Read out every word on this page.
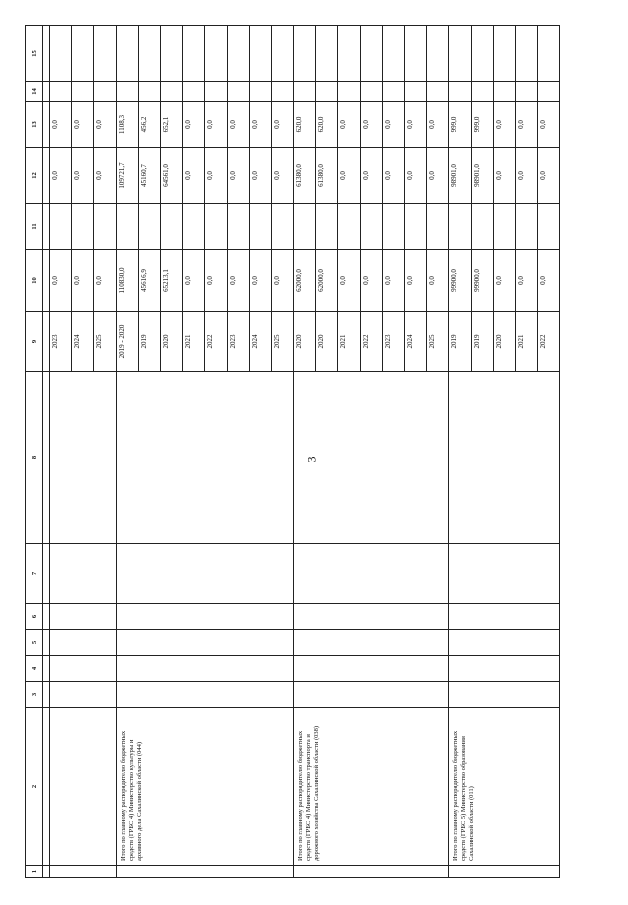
3
1	2	3	4	5	6	7	8	9	10	11	12	13	14	15

								2023	0,0		0,0	0,0		
								2024	0,0		0,0	0,0		
								2025	0,0		0,0	0,0		
	Итого по главному распорядителю бюджетных средств (ГРБС 4) Министерство культуры и архивного дела Сахалинской области (044)							2019 - 2020	110830,0		109721,7	1108,3		
								2019	45616,9		45160,7	456,2		
								2020	65213,1		64561,0	652,1		
								2021	0,0		0,0	0,0		
								2022	0,0		0,0	0,0		
								2023	0,0		0,0	0,0		
								2024	0,0		0,0	0,0		
								2025	0,0		0,0	0,0		
	Итого по главному распорядителю бюджетных средств (ГРБС 4) Министерство транспорта и дорожного хозяйства Сахалинской области (038)							2020	62000,0		61380,0	620,0		
								2020	62000,0		61380,0	620,0		
								2021	0,0		0,0	0,0		
								2022	0,0		0,0	0,0		
								2023	0,0		0,0	0,0		
								2024	0,0		0,0	0,0		
								2025	0,0		0,0	0,0		
	Итого по главному распорядителю бюджетных средств (ГРБС 5) Министерство образования Сахалинской области (011)							2019	99900,0		98901,0	999,0		
								2019	99900,0		98901,0	999,0		
								2020	0,0		0,0	0,0		
								2021	0,0		0,0	0,0		
								2022	0,0		0,0	0,0		
